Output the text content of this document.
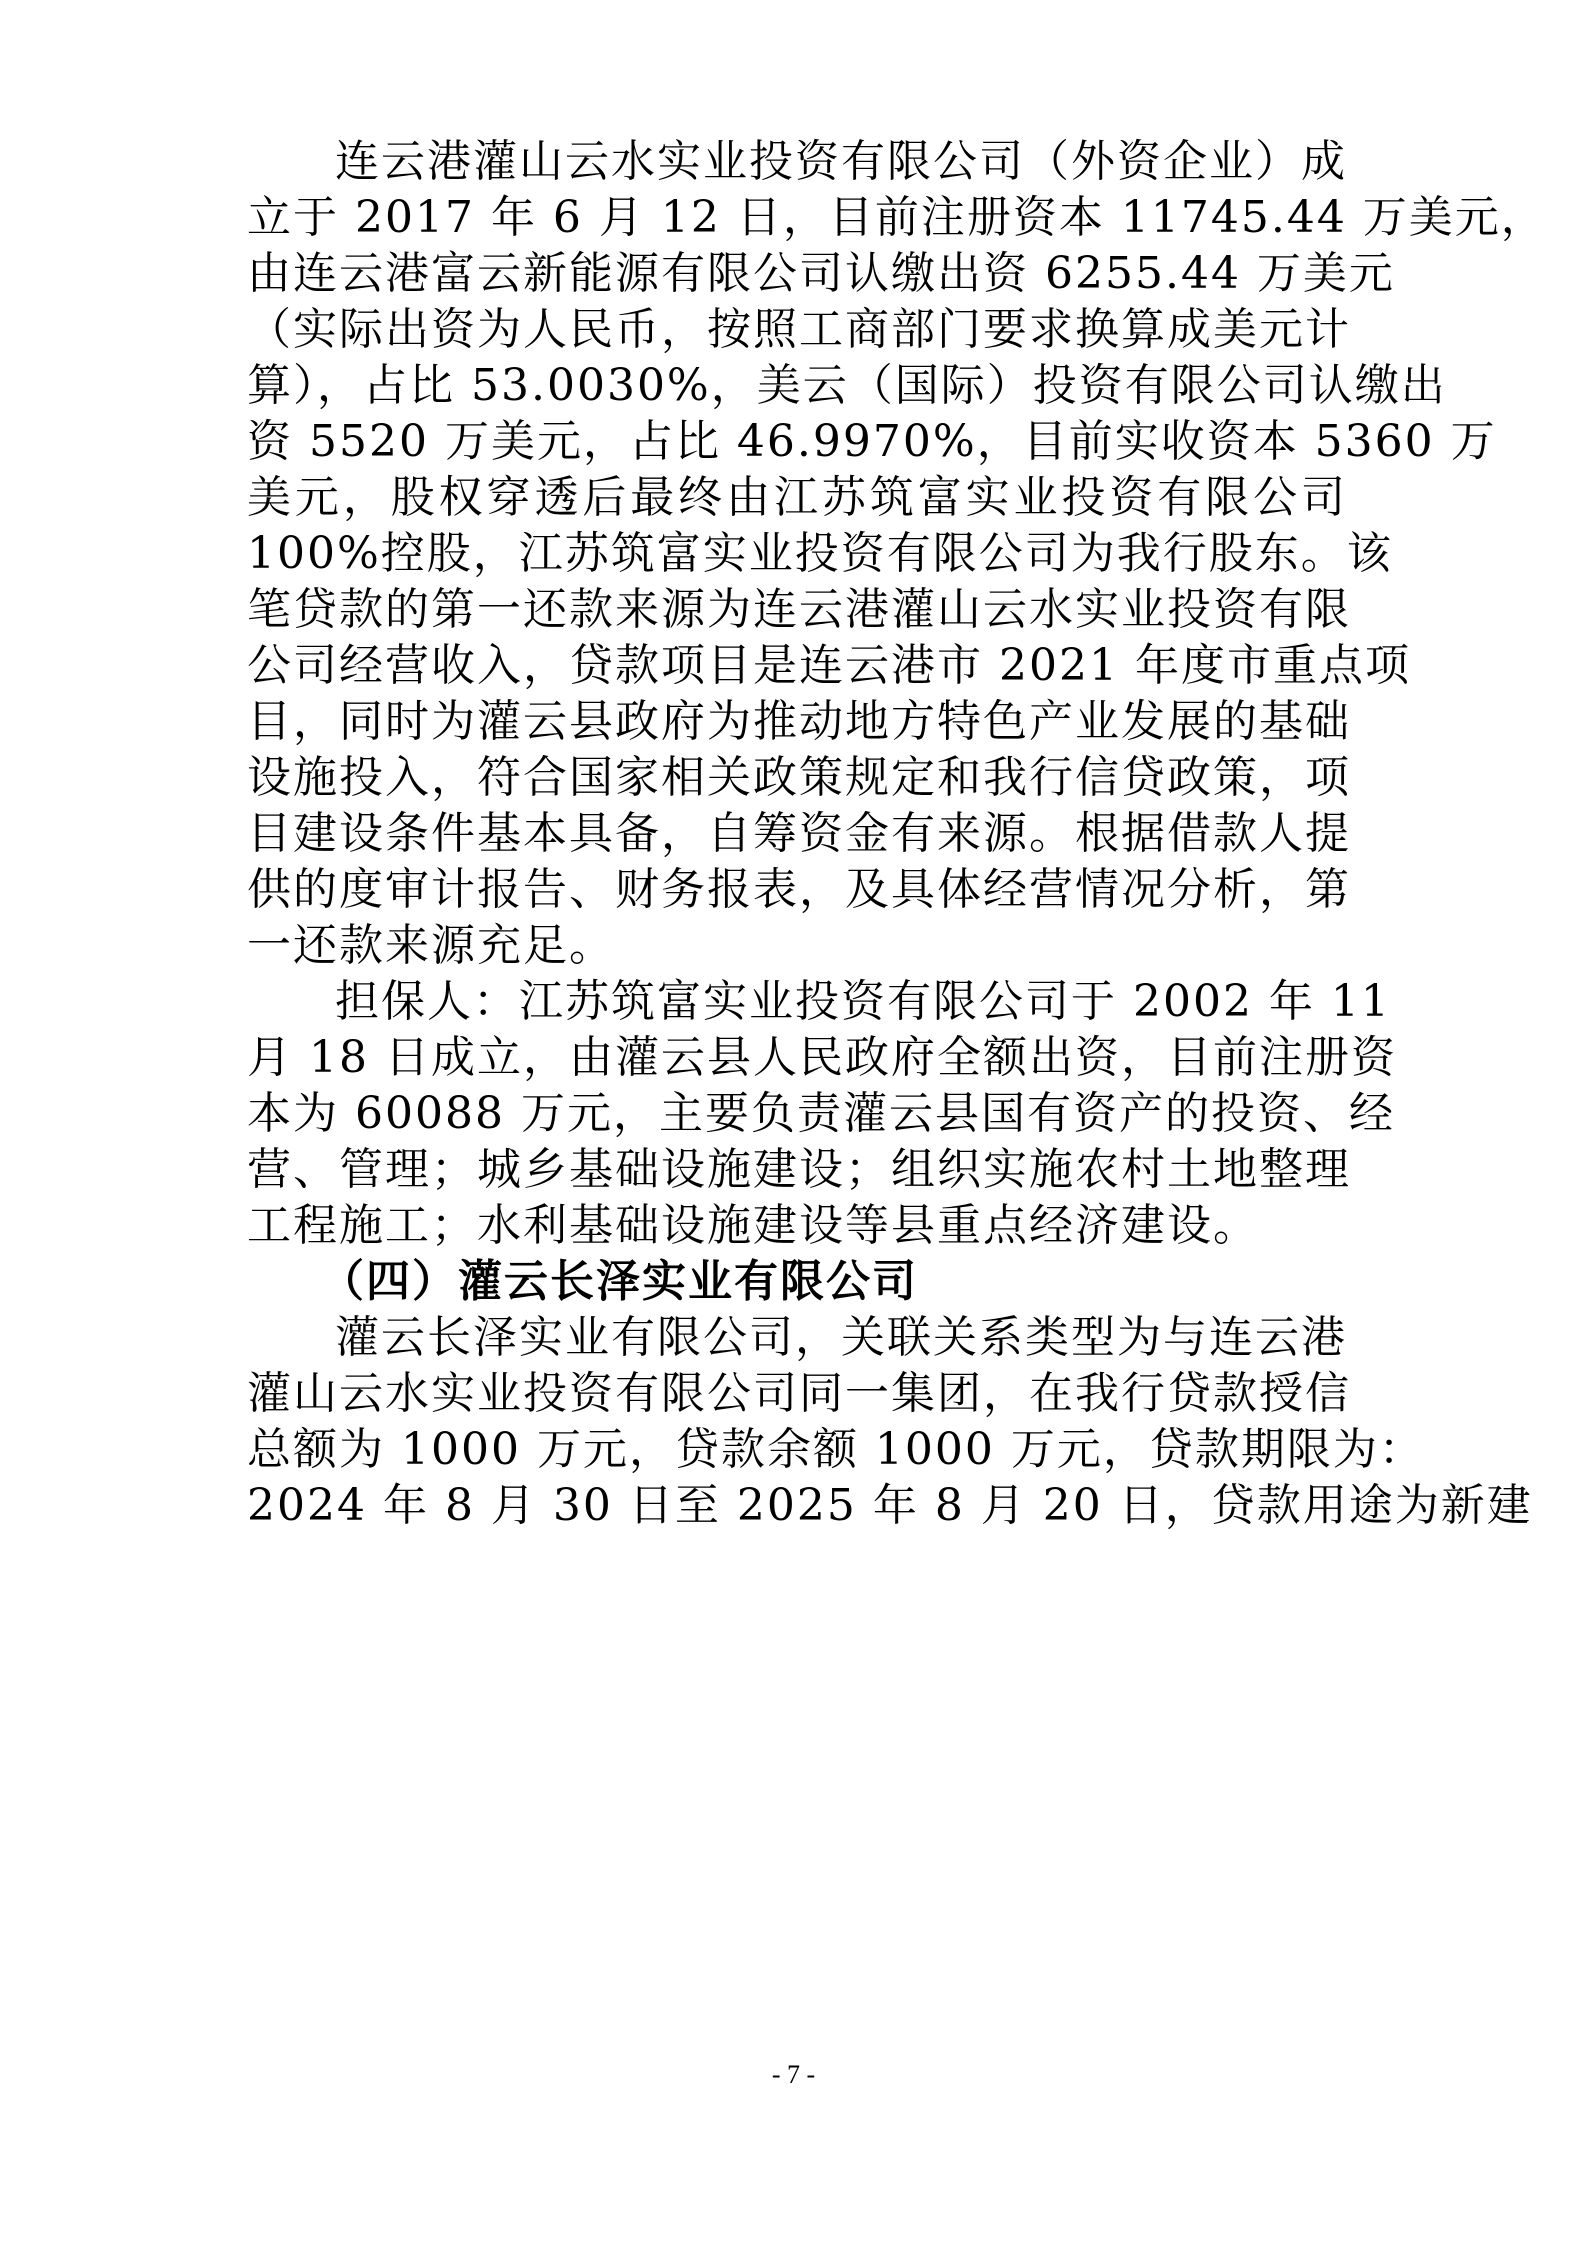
连云港灌山云水实业投资有限公司（外资企业）成
立于 2017 年 6 月 12 日，目前注册资本 11745.44 万美元，
由连云港富云新能源有限公司认缴出资 6255.44 万美元
（实际出资为人民币，按照工商部门要求换算成美元计
算），占比 53.0030%，美云（国际）投资有限公司认缴出
资 5520 万美元，占比 46.9970%，目前实收资本 5360 万
美元，股权穿透后最终由江苏筑富实业投资有限公司
100%控股，江苏筑富实业投资有限公司为我行股东。该
笔贷款的第一还款来源为连云港灌山云水实业投资有限
公司经营收入，贷款项目是连云港市 2021 年度市重点项
目，同时为灌云县政府为推动地方特色产业发展的基础
设施投入，符合国家相关政策规定和我行信贷政策，项
目建设条件基本具备，自筹资金有来源。根据借款人提
供的度审计报告、财务报表，及具体经营情况分析，第
一还款来源充足。
担保人：江苏筑富实业投资有限公司于 2002 年 11
月 18 日成立，由灌云县人民政府全额出资，目前注册资
本为 60088 万元，主要负责灌云县国有资产的投资、经
营、管理；城乡基础设施建设；组织实施农村土地整理
工程施工；水利基础设施建设等县重点经济建设。
（四）灌云长泽实业有限公司
灌云长泽实业有限公司，关联关系类型为与连云港
灌山云水实业投资有限公司同一集团，在我行贷款授信
总额为 1000 万元，贷款余额 1000 万元，贷款期限为：
2024 年 8 月 30 日至 2025 年 8 月 20 日，贷款用途为新建
- 7 -
